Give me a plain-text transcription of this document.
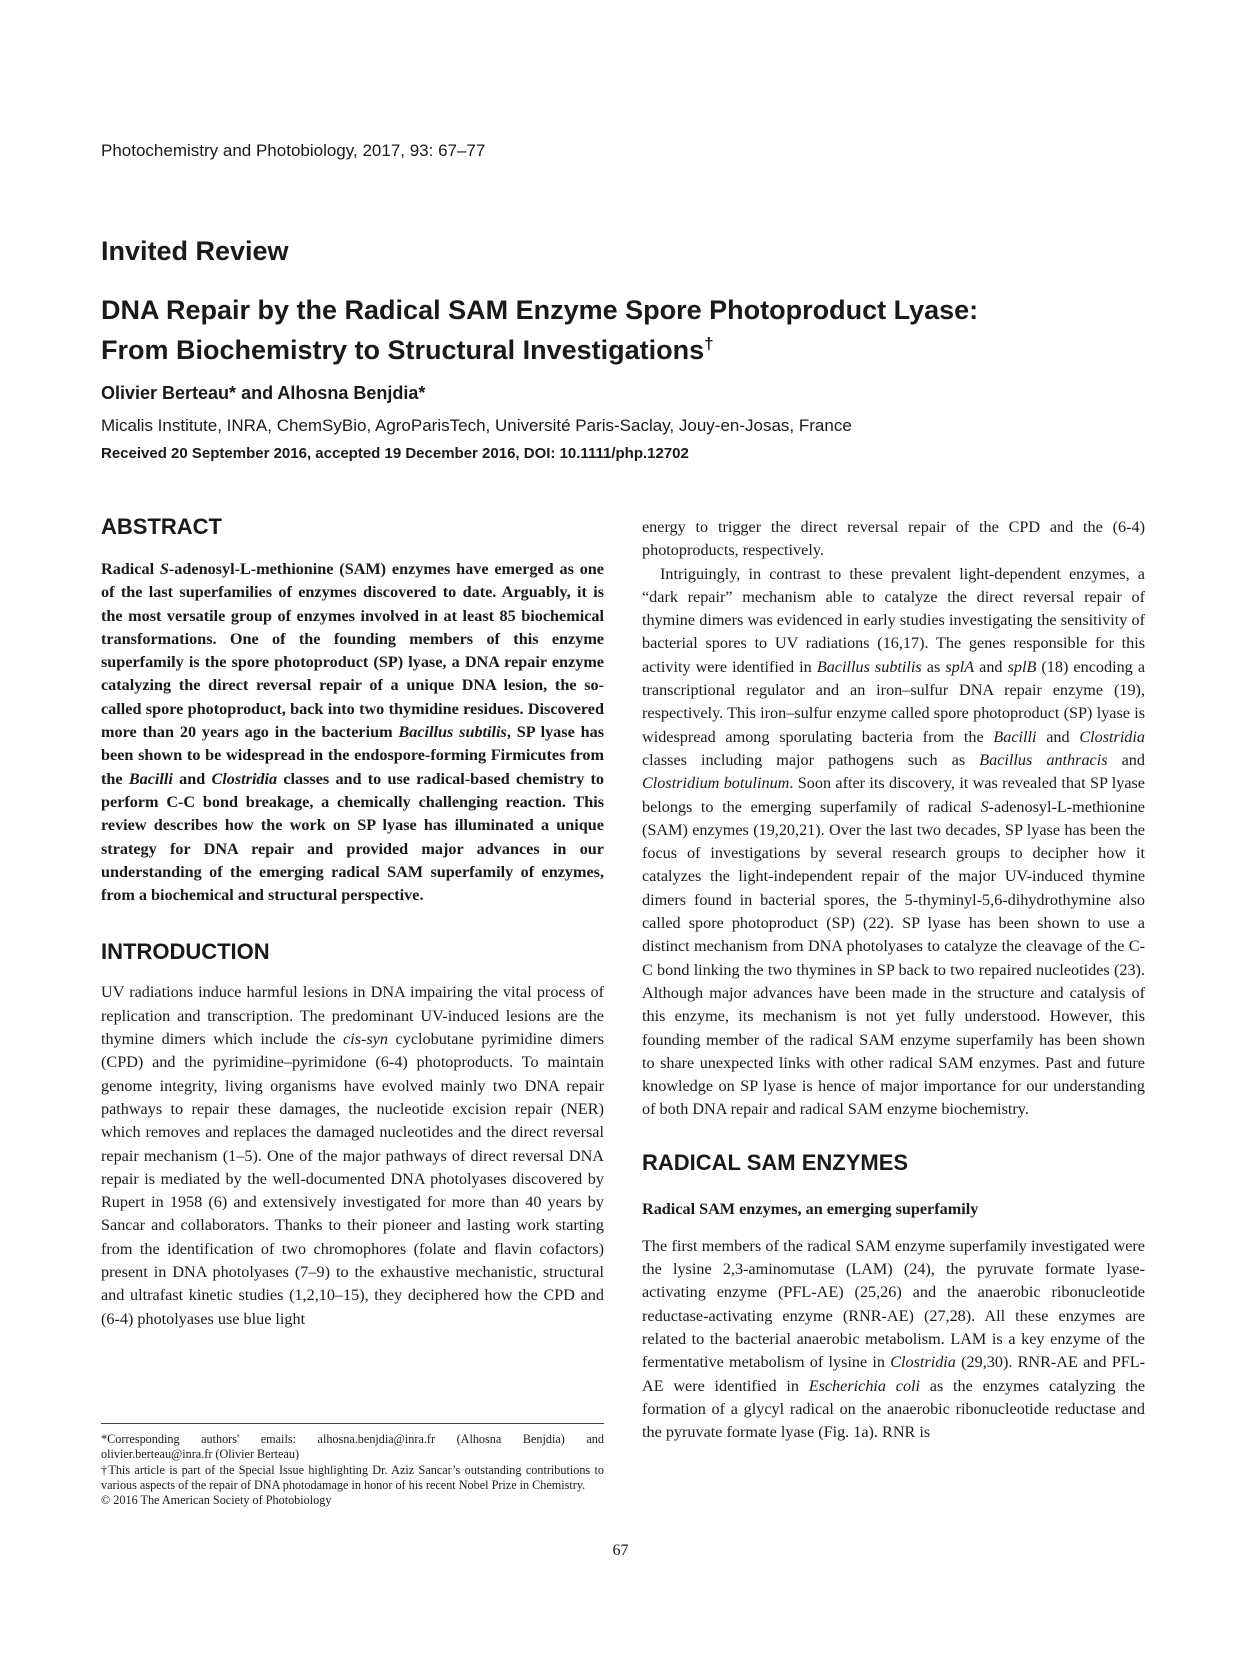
Photochemistry and Photobiology, 2017, 93: 67–77
Invited Review
DNA Repair by the Radical SAM Enzyme Spore Photoproduct Lyase:
From Biochemistry to Structural Investigations†
Olivier Berteau* and Alhosna Benjdia*
Micalis Institute, INRA, ChemSyBio, AgroParisTech, Université Paris-Saclay, Jouy-en-Josas, France
Received 20 September 2016, accepted 19 December 2016, DOI: 10.1111/php.12702
ABSTRACT

Radical S-adenosyl-L-methionine (SAM) enzymes have emerged as one of the last superfamilies of enzymes discovered to date. Arguably, it is the most versatile group of enzymes involved in at least 85 biochemical transformations. One of the founding members of this enzyme superfamily is the spore photoproduct (SP) lyase, a DNA repair enzyme catalyzing the direct reversal repair of a unique DNA lesion, the so-called spore photoproduct, back into two thymidine residues. Discovered more than 20 years ago in the bacterium Bacillus subtilis, SP lyase has been shown to be widespread in the endospore-forming Firmicutes from the Bacilli and Clostridia classes and to use radical-based chemistry to perform C-C bond breakage, a chemically challenging reaction. This review describes how the work on SP lyase has illuminated a unique strategy for DNA repair and provided major advances in our understanding of the emerging radical SAM superfamily of enzymes, from a biochemical and structural perspective.

INTRODUCTION

UV radiations induce harmful lesions in DNA impairing the vital process of replication and transcription. The predominant UV-induced lesions are the thymine dimers which include the cis-syn cyclobutane pyrimidine dimers (CPD) and the pyrimidine–pyrimidone (6-4) photoproducts. To maintain genome integrity, living organisms have evolved mainly two DNA repair pathways to repair these damages, the nucleotide excision repair (NER) which removes and replaces the damaged nucleotides and the direct reversal repair mechanism (1–5). One of the major pathways of direct reversal DNA repair is mediated by the well-documented DNA photolyases discovered by Rupert in 1958 (6) and extensively investigated for more than 40 years by Sancar and collaborators. Thanks to their pioneer and lasting work starting from the identification of two chromophores (folate and flavin cofactors) present in DNA photolyases (7–9) to the exhaustive mechanistic, structural and ultrafast kinetic studies (1,2,10–15), they deciphered how the CPD and (6-4) photolyases use blue light

energy to trigger the direct reversal repair of the CPD and the (6-4) photoproducts, respectively.

Intriguingly, in contrast to these prevalent light-dependent enzymes, a “dark repair” mechanism able to catalyze the direct reversal repair of thymine dimers was evidenced in early studies investigating the sensitivity of bacterial spores to UV radiations (16,17). The genes responsible for this activity were identified in Bacillus subtilis as splA and splB (18) encoding a transcriptional regulator and an iron–sulfur DNA repair enzyme (19), respectively. This iron–sulfur enzyme called spore photoproduct (SP) lyase is widespread among sporulating bacteria from the Bacilli and Clostridia classes including major pathogens such as Bacillus anthracis and Clostridium botulinum. Soon after its discovery, it was revealed that SP lyase belongs to the emerging superfamily of radical S-adenosyl-L-methionine (SAM) enzymes (19,20,21). Over the last two decades, SP lyase has been the focus of investigations by several research groups to decipher how it catalyzes the light-independent repair of the major UV-induced thymine dimers found in bacterial spores, the 5-thyminyl-5,6-dihydrothymine also called spore photoproduct (SP) (22). SP lyase has been shown to use a distinct mechanism from DNA photolyases to catalyze the cleavage of the C-C bond linking the two thymines in SP back to two repaired nucleotides (23). Although major advances have been made in the structure and catalysis of this enzyme, its mechanism is not yet fully understood. However, this founding member of the radical SAM enzyme superfamily has been shown to share unexpected links with other radical SAM enzymes. Past and future knowledge on SP lyase is hence of major importance for our understanding of both DNA repair and radical SAM enzyme biochemistry.

RADICAL SAM ENZYMES
Radical SAM enzymes, an emerging superfamily

The first members of the radical SAM enzyme superfamily investigated were the lysine 2,3-aminomutase (LAM) (24), the pyruvate formate lyase-activating enzyme (PFL-AE) (25,26) and the anaerobic ribonucleotide reductase-activating enzyme (RNR-AE) (27,28). All these enzymes are related to the bacterial anaerobic metabolism. LAM is a key enzyme of the fermentative metabolism of lysine in Clostridia (29,30). RNR-AE and PFL-AE were identified in Escherichia coli as the enzymes catalyzing the formation of a glycyl radical on the anaerobic ribonucleotide reductase and the pyruvate formate lyase (Fig. 1a). RNR is

*Corresponding authors' emails: alhosna.benjdia@inra.fr (Alhosna Benjdia) and olivier.berteau@inra.fr (Olivier Berteau)

†This article is part of the Special Issue highlighting Dr. Aziz Sancar’s outstanding contributions to various aspects of the repair of DNA photodamage in honor of his recent Nobel Prize in Chemistry.

© 2016 The American Society of Photobiology

67
